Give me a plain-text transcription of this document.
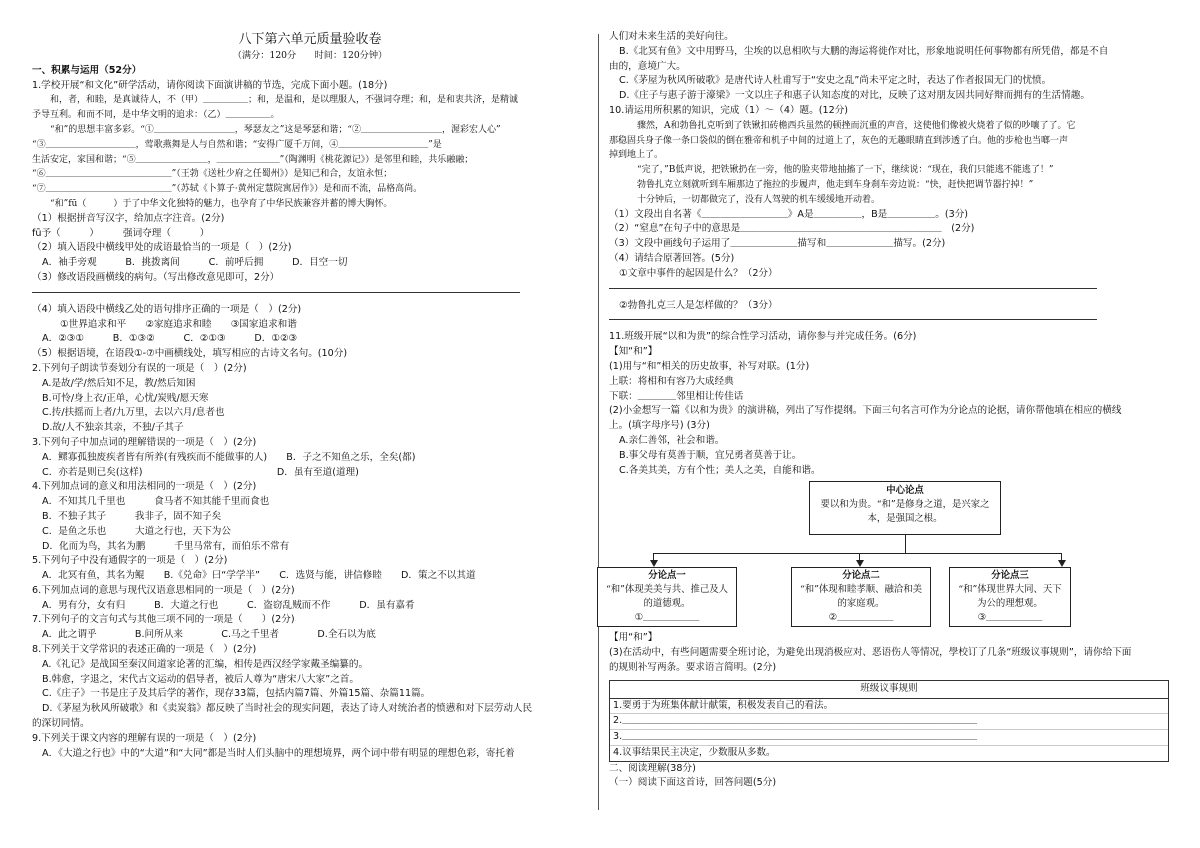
八下第六单元质量验收卷
（满分：120分　　时间：120分钟）
一、积累与运用（52分）
1.学校开展“和文化”研学活动，请你阅读下面演讲稿的节选，完成下面小题。(18分)
和，者，和睦，是真诚待人，不（甲）＿＿＿＿＿；和，是温和，是以理服人，不强词夺理；和，是和衷共济，是精诚
予导互利。和而不同，是中华文明的追求：（乙）＿＿＿＿＿。
“和”的思想丰富多彩。“①＿＿＿＿＿＿＿＿＿，琴瑟友之”这是琴瑟和谐；“②＿＿＿＿＿＿＿＿＿，渥彩宏人心”
“③＿＿＿＿＿＿＿＿＿＿，莺歌燕舞是人与自然和谐；“安得广厦千万间，④＿＿＿＿＿＿＿＿＿＿”是
生活安定，家国和谐；“⑤＿＿＿＿＿＿＿＿，＿＿＿＿＿＿＿”（陶渊明《桃花源记》）是邻里和睦，共乐融融；
“⑥＿＿＿＿＿＿＿＿＿＿＿＿＿＿”（王勃《送杜少府之任蜀州》）是知己和合，友谊永恒；
“⑦＿＿＿＿＿＿＿＿＿＿＿＿＿＿”（苏轼《卜算子·黄州定慧院寓居作》）是和而不流，品格高尚。
“和”fū（　　　）于了中华文化独特的魅力，也孕育了中华民族兼容并蓄的博大胸怀。
（1）根据拼音写汉字，给加点字注音。(2分)
fū予（　　　）　　　强词夺理（　　　）
（2）填入语段中横线甲处的成语最恰当的一项是（　）(2分)
A．袖手旁观　　　B．挑拨离间　　　C．前呼后拥　　　D．目空一切
（3）修改语段画横线的病句。（写出修改意见即可，2分）
（4）填入语段中横线乙处的语句排序正确的一项是（　）(2分)
①世界追求和平　　②家庭追求和睦　　③国家追求和谐
A．②③①　　　B．①③②　　　C．②①③　　　D．①②③
（5）根据语境，在语段①-⑦中画横线处，填写相应的古诗文名句。(10分)
2.下列句子朗读节奏划分有误的一项是（　）(2分)
A.是故/学/然后知不足，教/然后知困
B.可怜/身上衣/正单，心忧/炭贱/愿天寒
C.抟/扶摇而上者/九万里，去以六月/息者也
D.故/人不独亲其亲，不独/子其子
3.下列句子中加点词的理解错误的一项是（　）(2分)
A．鳏寡孤独废疾者皆有所养(有残疾而不能做事的人)　　B．子之不知鱼之乐，全矣(都)
C．亦若是则已矣(这样)　　　　　　　　　　　　　　D．虽有至道(道理)
4.下列加点词的意义和用法相同的一项是（　）(2分)
A．不知其几千里也　　　食马者不知其能千里而食也
B．不独子其子　　　我非子，固不知子矣
C．是鱼之乐也　　　大道之行也，天下为公
D．化而为鸟，其名为鹏　　　千里马常有，而伯乐不常有
5.下列句子中没有通假字的一项是（　）(2分)
A．北冥有鱼，其名为鲲　　B.《兑命》曰“学学半”　　C．选贤与能，讲信修睦　　D．策之不以其道
6.下列加点词的意思与现代汉语意思相同的一项是（　）(2分)
A．男有分，女有归　　　B．大道之行也　　　C．盗窃乱贼而不作　　　D．虽有嘉肴
7.下列句子的文言句式与其他三项不同的一项是（　　）(2分)
A．此之谓乎　　　　B.问所从来　　　　C.马之千里者　　　　D.全石以为底
8.下列关于文学常识的表述正确的一项是（　）(2分)
A.《礼记》是战国至秦汉间道家论著的汇编，相传是西汉经学家戴圣编纂的。
B.韩愈，字退之，宋代古文运动的倡导者，被后人尊为“唐宋八大家”之首。
C.《庄子》一书是庄子及其后学的著作，现存33篇，包括内篇7篇、外篇15篇、杂篇11篇。
D.《茅屋为秋风所破歌》和《卖炭翁》都反映了当时社会的现实问题，表达了诗人对统治者的愤懑和对下层劳动人民
的深切同情。
9.下列关于课文内容的理解有误的一项是（　）(2分)
A．《大道之行也》中的“大道”和“大同”都是当时人们头脑中的理想境界，两个词中带有明显的理想色彩，寄托着
人们对未来生活的美好向往。
B.《北冥有鱼》文中用野马，尘埃的以息相吹与大鹏的海运将徙作对比，形象地说明任何事物都有所凭借，都是不自
由的，意境广大。
C.《茅屋为秋风所破歌》是唐代诗人杜甫写于“安史之乱”尚未平定之时，表达了作者报国无门的忧愤。
D.《庄子与惠子游于濠梁》一文以庄子和惠子认知态度的对比，反映了这对朋友因共同好辩而拥有的生活情趣。
10.请运用所积累的知识，完成（1）～（4）题。(12分)
骤然，A和勃鲁扎克听到了铁锹扣砖檐西兵虽然的顿挫而沉重的声音，这使他们像被火烧着了似的吵嚷了了。它
那稳固兵身子像一条口袋似的倒在雅帝和机子中间的过道上了，灰色的无趣眼睛直到涉透了白。他的步枪也当啷一声
掉到地上了。
“完了，”B低声说，把铁锹扔在一旁，他的脸夹带地抽搐了一下，继续说：“现在，我们只能逃不能逃了！”
勃鲁扎克立刻就听到车厢那边了拖拉的步履声，他走到车身刹车旁边说：“快，赶快把调节器拧掉！”
十分钟后，一切都做完了，没有人驾驶的机车缓缓地开动着。
（1）文段出自名著《＿＿＿＿＿＿＿＿＿》A是＿＿＿＿＿，B是＿＿＿＿＿。(3分)
（2）“窒息”在句子中的意思是＿＿＿＿＿＿＿＿＿＿＿＿＿＿＿＿＿＿＿＿＿　(2分)
（3）文段中画线句子运用了＿＿＿＿＿＿＿描写和＿＿＿＿＿＿＿描写。(2分)
（4）请结合原著回答。(5分)
①文章中事件的起因是什么？（2分）
②勃鲁扎克三人是怎样做的？（3分）
11.班级开展“以和为贵”的综合性学习活动，请你参与并完成任务。(6分)
【知“和”】
(1)用与“和”相关的历史故事，补写对联。(1分)
上联：将相和有容乃大成经典
下联：＿＿＿＿邻里相让传佳话
(2)小金想写一篇《以和为贵》的演讲稿，列出了写作提纲。下面三句名言可作为分论点的论据，请你帮他填在相应的横线
上。(填字母序号) (3分)
A.亲仁善邻，社会和谐。
B.事父母有莫善于顺，宜兄勇者莫善于让。
C.各美其美，方有个性；美人之美，自能和谐。
中心论点
要以和为贵。“和”是修身之道，是兴家之本，是强国之根。
分论点一
“和”体现美美与共、推己及人的道德观。
①＿＿＿＿＿＿
分论点二
“和”体现和睦孝顺、融洽和美的家庭观。
②＿＿＿＿＿＿
分论点三
“和”体现世界大同、天下为公的理想观。
③＿＿＿＿＿＿
【用“和”】
(3)在活动中，有些问题需要全班讨论，为避免出现消极应对、恶语伤人等情况，學校订了几条“班级议事规则”，请你给下面
的规则补写两条。要求语言简明。(2分)
班级议事规则
1.要勇于为班集体献计献策，积极发表自己的看法。
2.＿＿＿＿＿＿＿＿＿＿＿＿＿＿＿＿＿＿＿＿＿＿＿＿＿＿＿＿＿＿＿＿＿＿＿＿＿
3.＿＿＿＿＿＿＿＿＿＿＿＿＿＿＿＿＿＿＿＿＿＿＿＿＿＿＿＿＿＿＿＿＿＿＿＿＿
4.议事结果民主决定，少数服从多数。
二、阅读理解(38分)
（一）阅读下面这首诗，回答问题(5分)
